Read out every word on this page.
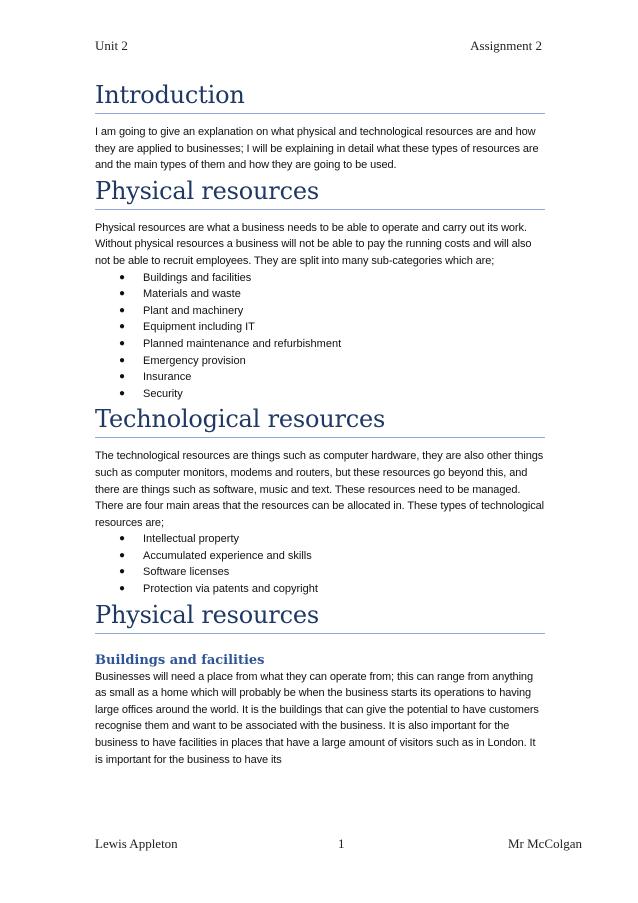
Unit 2	Assignment 2
Introduction

I am going to give an explanation on what physical and technological resources are and how they are applied to businesses; I will be explaining in detail what these types of resources are and the main types of them and how they are going to be used.

Physical resources

Physical resources are what a business needs to be able to operate and carry out its work. Without physical resources a business will not be able to pay the running costs and will also not be able to recruit employees. They are split into many sub-categories which are;

● Buildings and facilities
● Materials and waste
● Plant and machinery
● Equipment including IT
● Planned maintenance and refurbishment
● Emergency provision
● Insurance
● Security
Technological resources

The technological resources are things such as computer hardware, they are also other things such as computer monitors, modems and routers, but these resources go beyond this, and there are things such as software, music and text. These resources need to be managed. There are four main areas that the resources can be allocated in. These types of technological resources are;

● Intellectual property
● Accumulated experience and skills
● Software licenses
● Protection via patents and copyright
Physical resources
Buildings and facilities

Businesses will need a place from what they can operate from; this can range from anything as small as a home which will probably be when the business starts its operations to having large offices around the world. It is the buildings that can give the potential to have customers recognise them and want to be associated with the business. It is also important for the business to have facilities in places that have a large amount of visitors such as in London. It is important for the business to have its

Lewis Appleton	1	Mr McColgan
